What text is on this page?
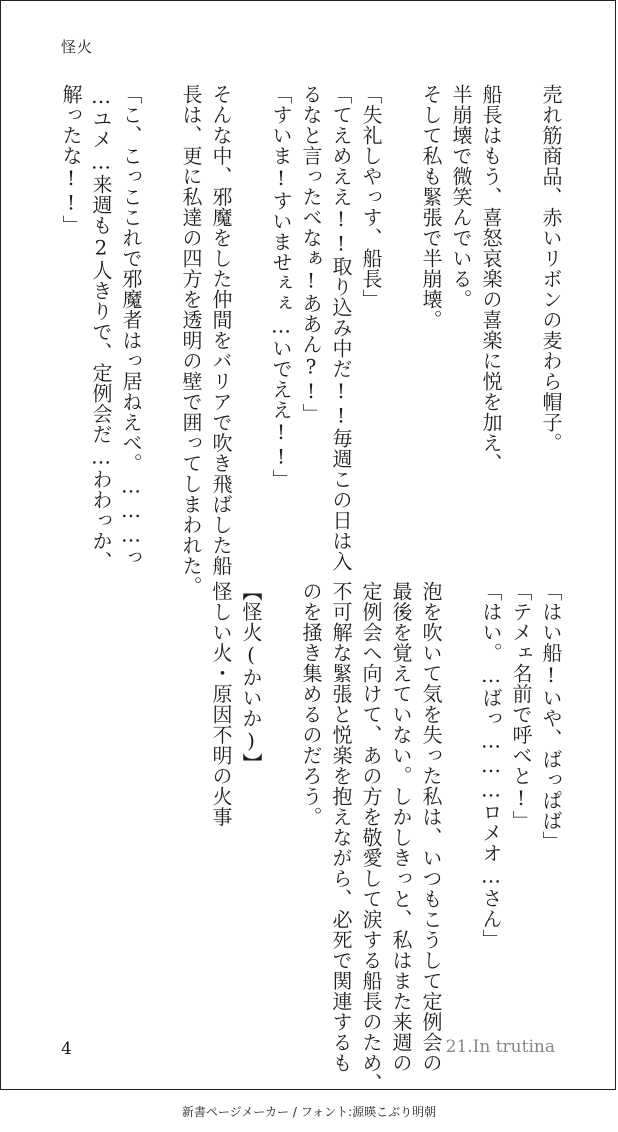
怪火
売れ筋商品、赤いリボンの麦わら帽子。
船長はもう、喜怒哀楽の喜楽に悦を加え、
半崩壊で微笑んでいる。
そして私も緊張で半崩壊。
「失礼しやっす、船長」
「てえめええ!!取り込み中だ!!毎週この日は入
るなと言ったべなぁ!ああん?!」
「すいま!すいませぇぇ…いでええ!!」
そんな中、邪魔をした仲間をバリアで吹き飛ばした船
長は、更に私達の四方を透明の壁で囲ってしまわれた。
「こ、こっここれで邪魔者はっ居ねえべ。………っ
…ユメ…来週も2人きりで、定例会だ…わわっか、
解ったな!!」
「はい船!いや、ばっぱば」
「テメェ名前で呼べと!」
「はい。…ばっ………ロメオ…さん」
泡を吹いて気を失った私は、いつもこうして定例会の
最後を覚えていない。しかしきっと、私はまた来週の
定例会へ向けて、あの方を敬愛して涙する船長のため、
不可解な緊張と悦楽を抱えながら、必死で関連するも
のを掻き集めるのだろう。
【怪火(かいか)】
怪しい火・原因不明の火事
4	21.In trutina
新書ページメーカー / フォント:源暎こぶり明朝
